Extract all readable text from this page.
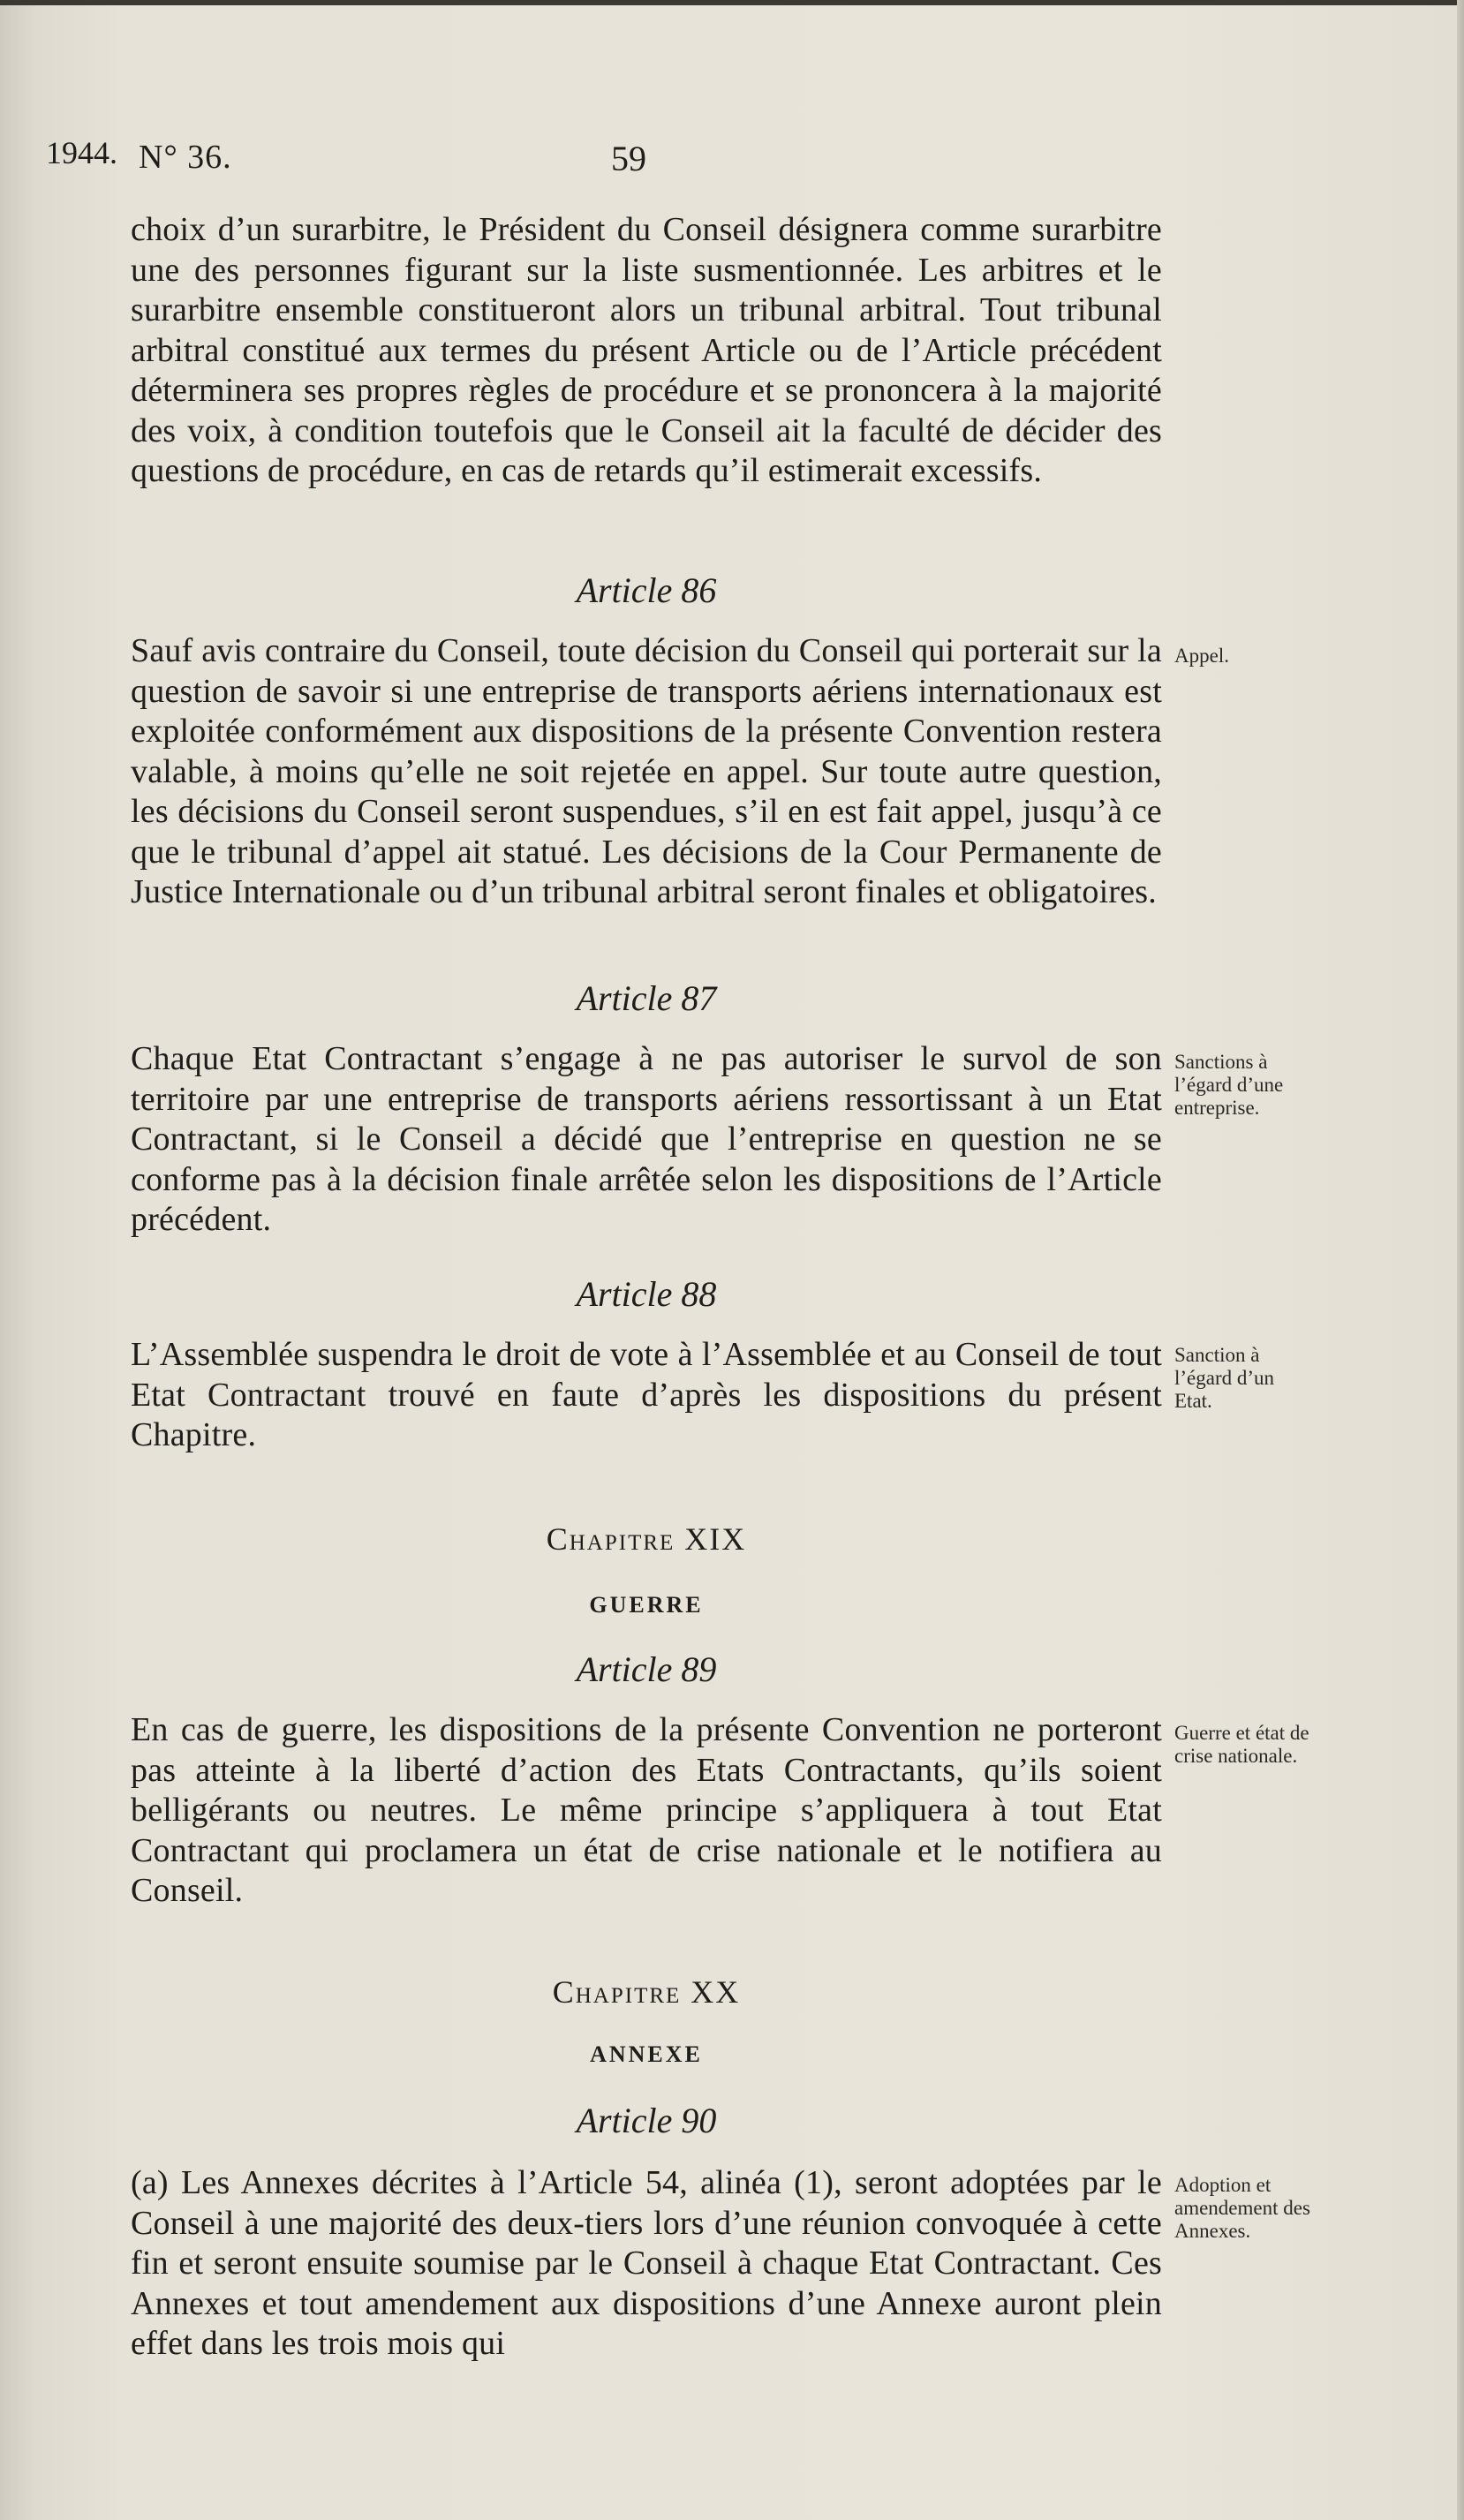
1944. N° 36.	59
choix d’un surarbitre, le Président du Conseil désignera comme surarbitre une des personnes figurant sur la liste susmentionnée. Les arbitres et le surarbitre ensemble constitueront alors un tribunal arbitral. Tout tribunal arbitral constitué aux termes du présent Article ou de l’Article précédent déterminera ses propres règles de procédure et se prononcera à la majorité des voix, à condition toutefois que le Conseil ait la faculté de décider des questions de procédure, en cas de retards qu’il estimerait excessifs.
Article 86
Sauf avis contraire du Conseil, toute décision du Conseil qui porterait sur la question de savoir si une entreprise de transports aériens internationaux est exploitée conformément aux dispositions de la présente Convention restera valable, à moins qu’elle ne soit rejetée en appel. Sur toute autre question, les décisions du Conseil seront suspendues, s’il en est fait appel, jusqu’à ce que le tribunal d’appel ait statué. Les décisions de la Cour Permanente de Justice Internationale ou d’un tribunal arbitral seront finales et obligatoires.
Appel.
Article 87
Chaque Etat Contractant s’engage à ne pas autoriser le survol de son territoire par une entreprise de transports aériens ressortissant à un Etat Contractant, si le Conseil a décidé que l’entreprise en question ne se conforme pas à la décision finale arrêtée selon les dispositions de l’Article précédent.
Sanctions à l’égard d’une entreprise.
Article 88
L’Assemblée suspendra le droit de vote à l’Assemblée et au Conseil de tout Etat Contractant trouvé en faute d’après les dispositions du présent Chapitre.
Sanction à l’égard d’un Etat.
Chapitre XIX
GUERRE
Article 89
En cas de guerre, les dispositions de la présente Convention ne porteront pas atteinte à la liberté d’action des Etats Contractants, qu’ils soient belligérants ou neutres. Le même principe s’appliquera à tout Etat Contractant qui proclamera un état de crise nationale et le notifiera au Conseil.
Guerre et état de crise nationale.
Chapitre XX
ANNEXE
Article 90
(a) Les Annexes décrites à l’Article 54, alinéa (1), seront adoptées par le Conseil à une majorité des deux-tiers lors d’une réunion convoquée à cette fin et seront ensuite soumise par le Conseil à chaque Etat Contractant. Ces Annexes et tout amendement aux dispositions d’une Annexe auront plein effet dans les trois mois qui
Adoption et amendement des Annexes.
